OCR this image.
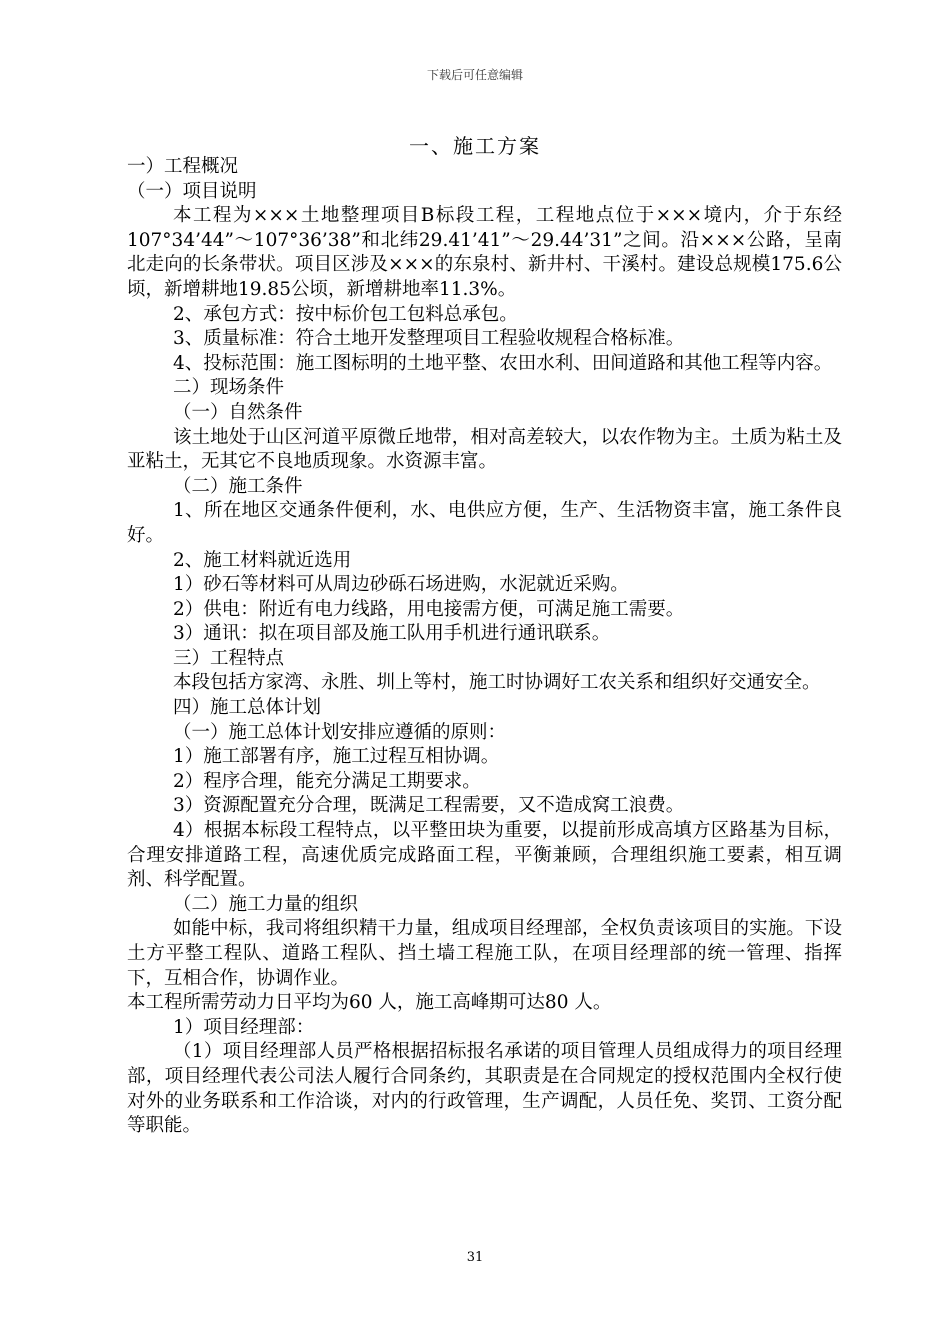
下载后可任意编辑
一、施工方案

一）工程概况

（一）项目说明

本工程为×××土地整理项目B标段工程，工程地点位于×××境内，介于东经107°34’44”～107°36’38”和北纬29.41’41”～29.44’31”之间。沿×××公路，呈南北走向的长条带状。项目区涉及×××的东泉村、新井村、干溪村。建设总规模175.6公顷，新增耕地19.85公顷，新增耕地率11.3%。

2、承包方式：按中标价包工包料总承包。

3、质量标准：符合土地开发整理项目工程验收规程合格标准。

4、投标范围：施工图标明的土地平整、农田水利、田间道路和其他工程等内容。

二）现场条件

（一）自然条件

该土地处于山区河道平原微丘地带，相对高差较大，以农作物为主。土质为粘土及亚粘土，无其它不良地质现象。水资源丰富。

（二）施工条件

1、所在地区交通条件便利，水、电供应方便，生产、生活物资丰富，施工条件良好。

2、施工材料就近选用

1）砂石等材料可从周边砂砾石场进购，水泥就近采购。

2）供电：附近有电力线路，用电接需方便，可满足施工需要。

3）通讯：拟在项目部及施工队用手机进行通讯联系。

三）工程特点

本段包括方家湾、永胜、圳上等村，施工时协调好工农关系和组织好交通安全。

四）施工总体计划

（一）施工总体计划安排应遵循的原则：

1）施工部署有序，施工过程互相协调。

2）程序合理，能充分满足工期要求。

3）资源配置充分合理，既满足工程需要，又不造成窝工浪费。

4）根据本标段工程特点，以平整田块为重要，以提前形成高填方区路基为目标，合理安排道路工程，高速优质完成路面工程，平衡兼顾，合理组织施工要素，相互调剂、科学配置。

（二）施工力量的组织

如能中标，我司将组织精干力量，组成项目经理部，全权负责该项目的实施。下设土方平整工程队、道路工程队、挡土墙工程施工队，在项目经理部的统一管理、指挥下，互相合作，协调作业。

本工程所需劳动力日平均为60 人，施工高峰期可达80 人。

1）项目经理部：

（1）项目经理部人员严格根据招标报名承诺的项目管理人员组成得力的项目经理部，项目经理代表公司法人履行合同条约，其职责是在合同规定的授权范围内全权行使对外的业务联系和工作洽谈，对内的行政管理，生产调配，人员任免、奖罚、工资分配等职能。

31
